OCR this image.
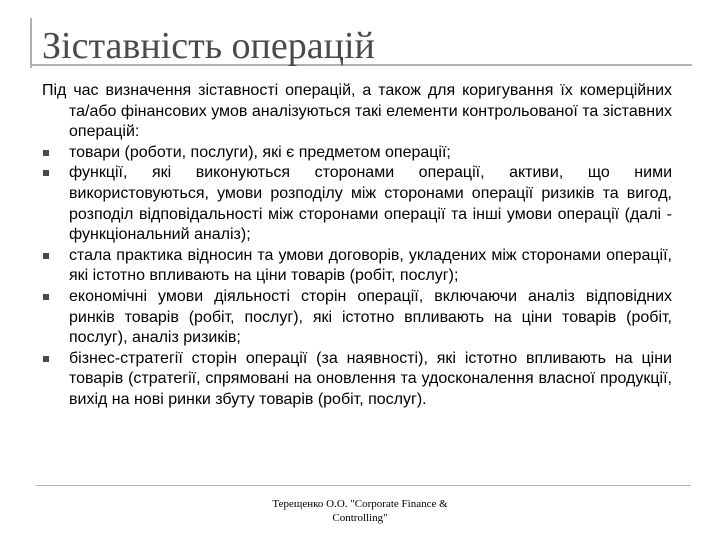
Зіставність операцій

Під час визначення зіставності операцій, а також для коригування їх комерційних та/або фінансових умов аналізуються такі елементи контрольованої та зіставних операцій:

товари (роботи, послуги), які є предметом операції;
функції, які виконуються сторонами операції, активи, що ними використовуються, умови розподілу між сторонами операції ризиків та вигод, розподіл відповідальності між сторонами операції та інші умови операції (далі - функціональний аналіз);
стала практика відносин та умови договорів, укладених між сторонами операції, які істотно впливають на ціни товарів (робіт, послуг);
економічні умови діяльності сторін операції, включаючи аналіз відповідних ринків товарів (робіт, послуг), які істотно впливають на ціни товарів (робіт, послуг), аналіз ризиків;
бізнес-стратегії сторін операції (за наявності), які істотно впливають на ціни товарів (стратегії, спрямовані на оновлення та удосконалення власної продукції, вихід на нові ринки збуту товарів (робіт, послуг).
Терещенко О.О. "Corporate Finance &
Controlling"
